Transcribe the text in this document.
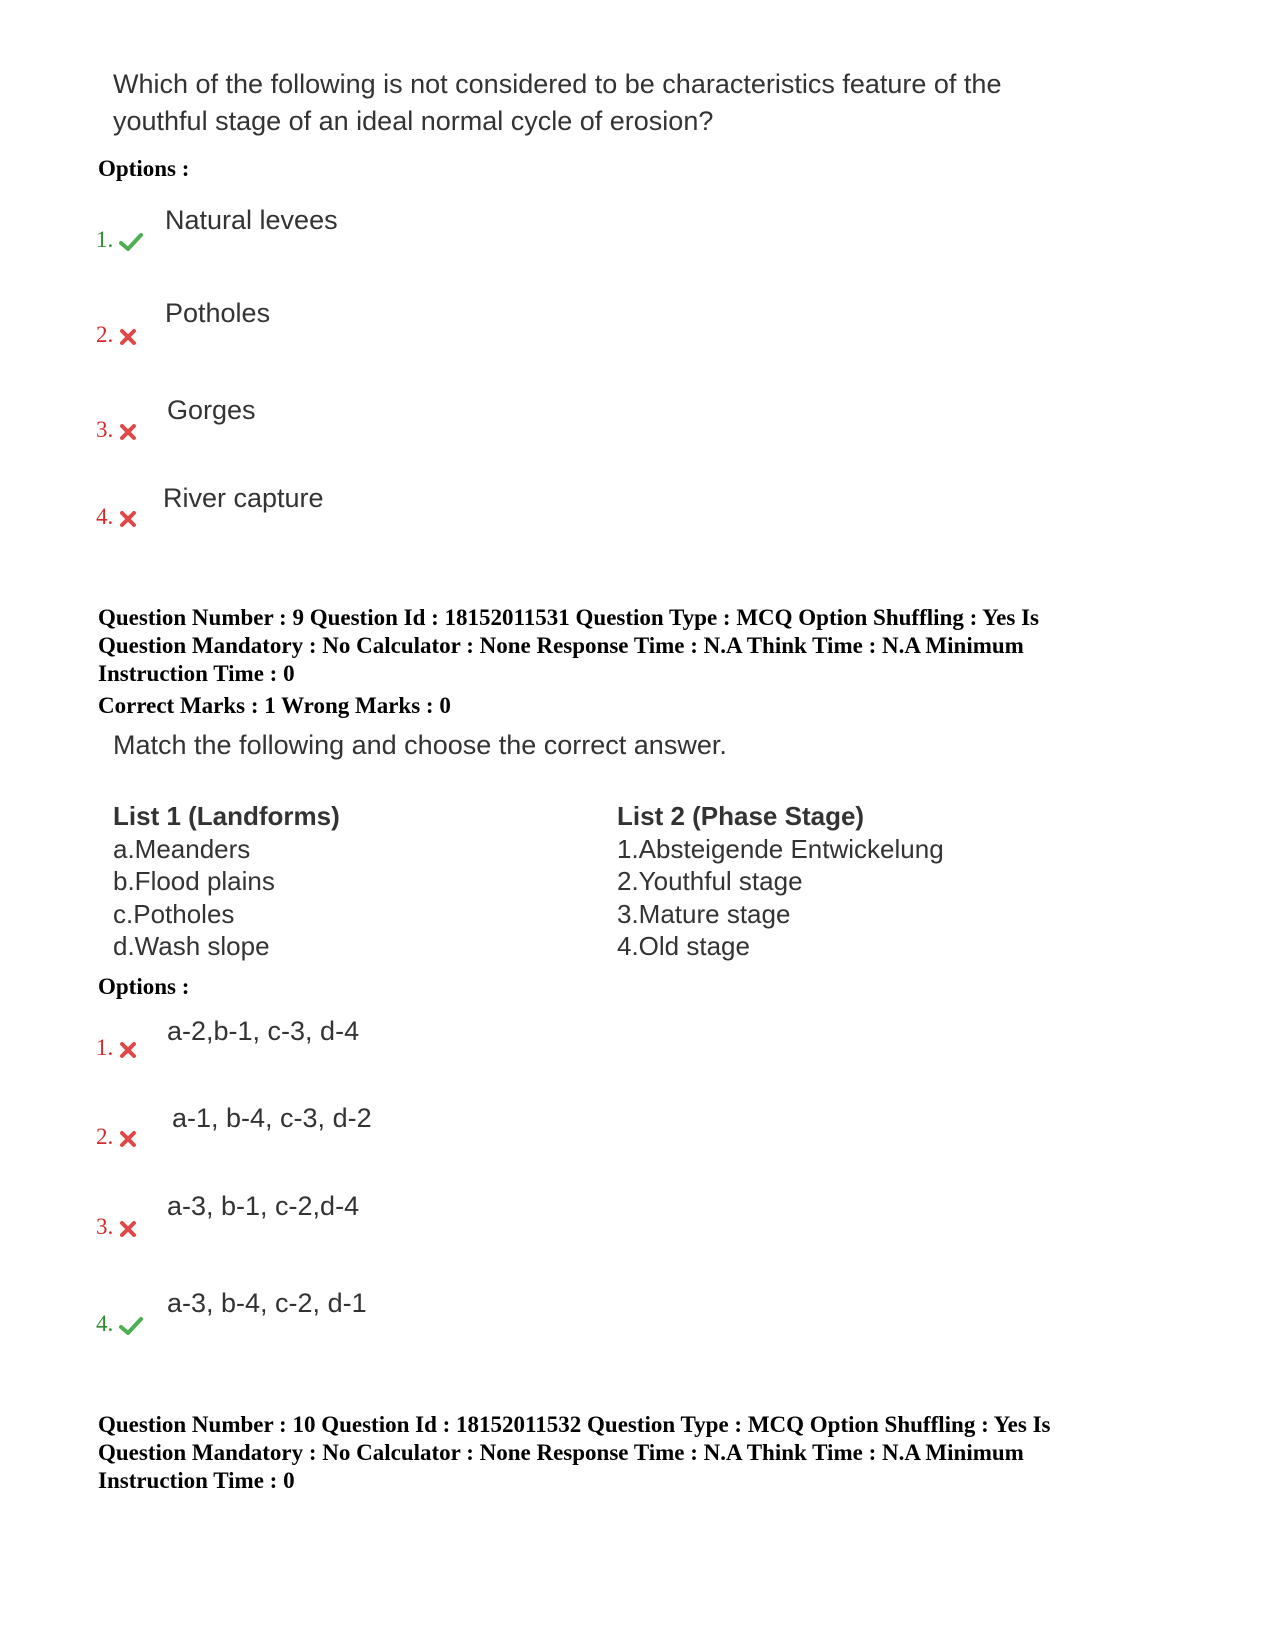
Which of the following is not considered to be characteristics feature of the
youthful stage of an ideal normal cycle of erosion?
Options :
1.
Natural levees
2.
Potholes
3.
Gorges
4.
River capture
Question Number : 9 Question Id : 18152011531 Question Type : MCQ Option Shuffling : Yes Is
Question Mandatory : No Calculator : None Response Time : N.A Think Time : N.A Minimum
Instruction Time : 0
Correct Marks : 1 Wrong Marks : 0
Match the following and choose the correct answer.
List 1 (Landforms)
a.Meanders
b.Flood plains
c.Potholes
d.Wash slope
List 2 (Phase Stage)
1.Absteigende Entwickelung
2.Youthful stage
3.Mature stage
4.Old stage
Options :
1.
a-2,b-1, c-3, d-4
2.
a-1, b-4, c-3, d-2
3.
a-3, b-1, c-2,d-4
4.
a-3, b-4, c-2, d-1
Question Number : 10 Question Id : 18152011532 Question Type : MCQ Option Shuffling : Yes Is
Question Mandatory : No Calculator : None Response Time : N.A Think Time : N.A Minimum
Instruction Time : 0
